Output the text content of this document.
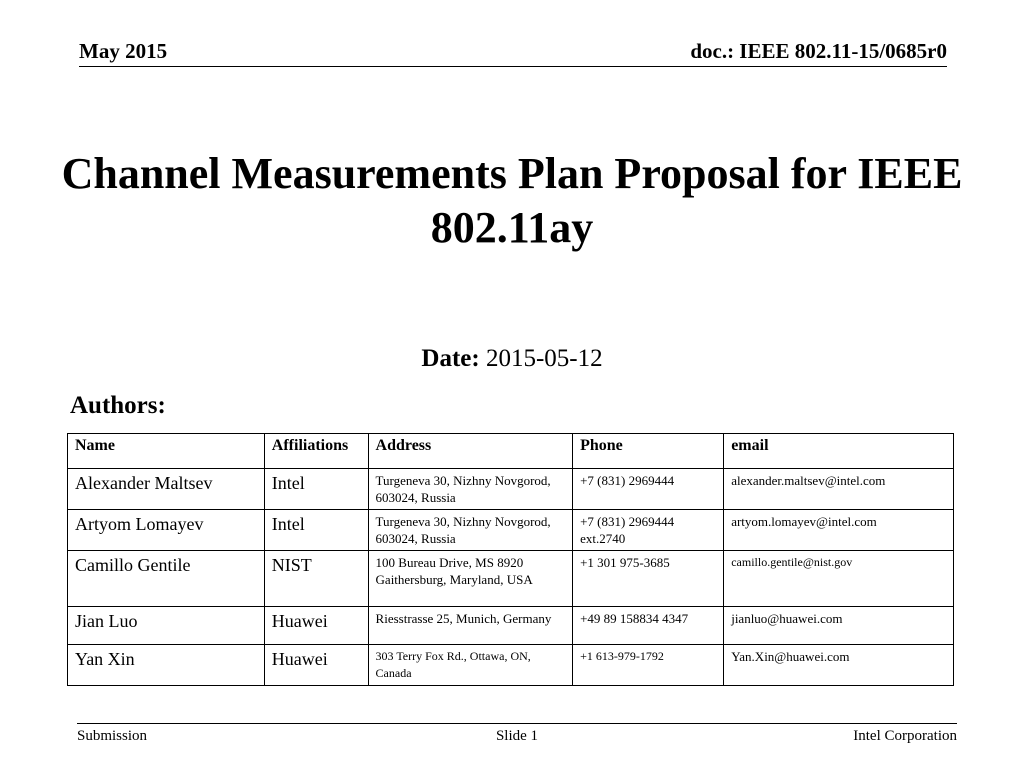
May 2015	doc.: IEEE 802.11-15/0685r0
Channel Measurements Plan Proposal for IEEE 802.11ay
Date: 2015-05-12
Authors:
Name	Affiliations	Address	Phone	email
Alexander Maltsev	Intel	Turgeneva 30, Nizhny Novgorod, 603024, Russia	+7 (831) 2969444	alexander.maltsev@intel.com
Artyom Lomayev	Intel	Turgeneva 30, Nizhny Novgorod, 603024, Russia	+7 (831) 2969444 ext.2740	artyom.lomayev@intel.com
Camillo Gentile	NIST	100 Bureau Drive, MS 8920 Gaithersburg, Maryland, USA	+1 301 975-3685	camillo.gentile@nist.gov
Jian Luo	Huawei	Riesstrasse 25, Munich, Germany	+49 89 158834 4347	jianluo@huawei.com
Yan Xin	Huawei	303 Terry Fox Rd., Ottawa, ON, Canada	+1 613-979-1792	Yan.Xin@huawei.com
Submission	Slide 1	Intel Corporation
